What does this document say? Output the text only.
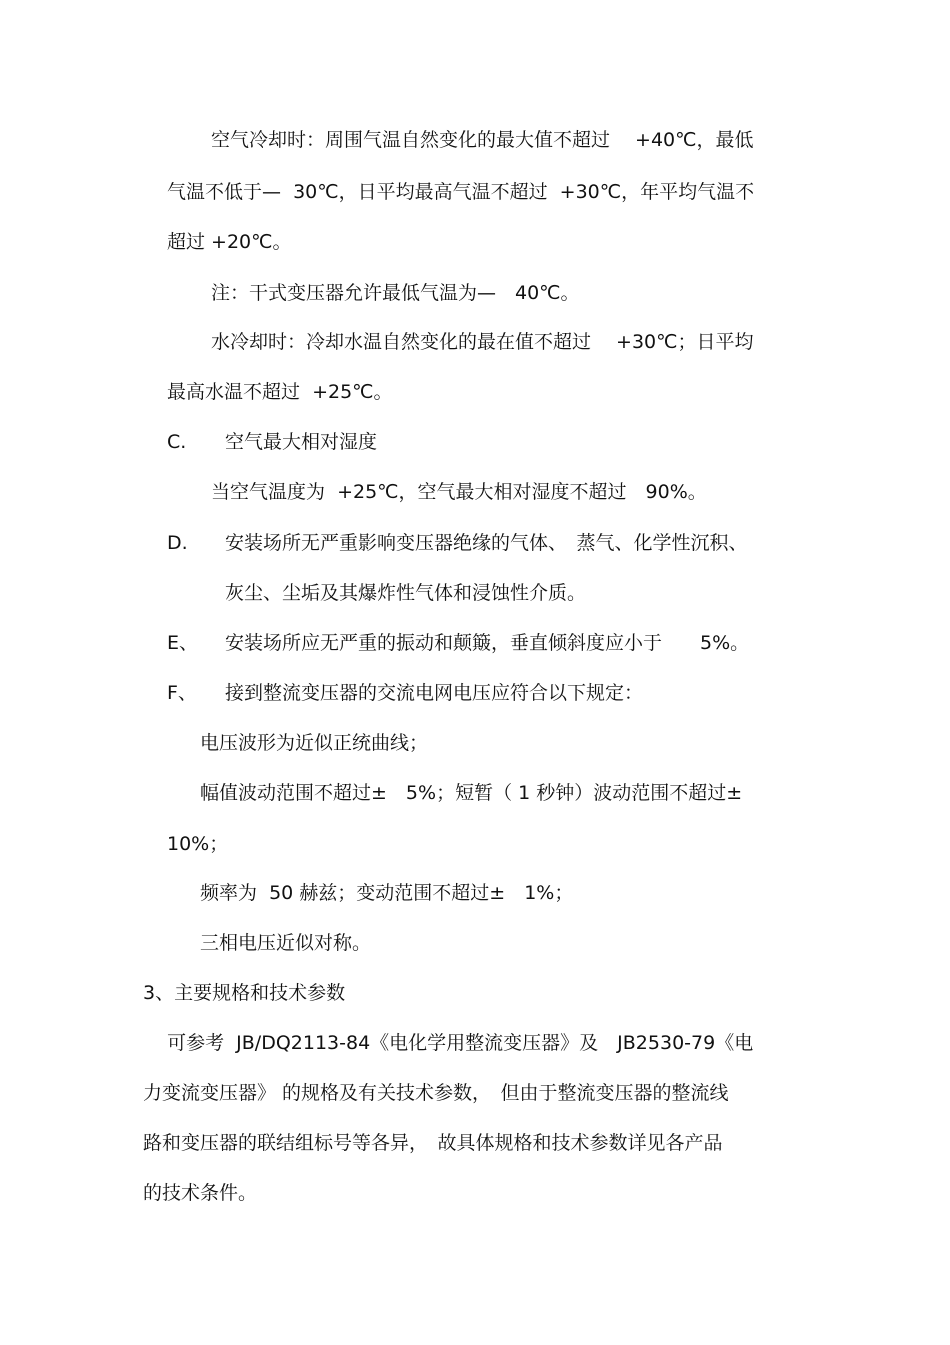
空气冷却时：周围气温自然变化的最大值不超过　 +40℃，最低
气温不低于—  30℃，日平均最高气温不超过  +30℃，年平均气温不
超过 +20℃。
注：干式变压器允许最低气温为—　40℃。
水冷却时：冷却水温自然变化的最在值不超过　 +30℃；日平均
最高水温不超过  +25℃。
C. 空气最大相对湿度
当空气温度为  +25℃，空气最大相对湿度不超过　90%。
D. 安装场所无严重影响变压器绝缘的气体、　蒸气、化学性沉积、
灰尘、尘垢及其爆炸性气体和浸蚀性介质。
E、 安装场所应无严重的振动和颠簸，垂直倾斜度应小于　　5%。
F、 接到整流变压器的交流电网电压应符合以下规定：
电压波形为近似正统曲线；
幅值波动范围不超过±　5%；短暂（ 1 秒钟）波动范围不超过±
10%；
频率为  50 赫兹；变动范围不超过±　1%；
三相电压近似对称。
3、主要规格和技术参数
可参考  JB/DQ2113-84《电化学用整流变压器》及　JB2530-79《电
力变流变压器》 的规格及有关技术参数，　但由于整流变压器的整流线
路和变压器的联结组标号等各异，　故具体规格和技术参数详见各产品
的技术条件。
